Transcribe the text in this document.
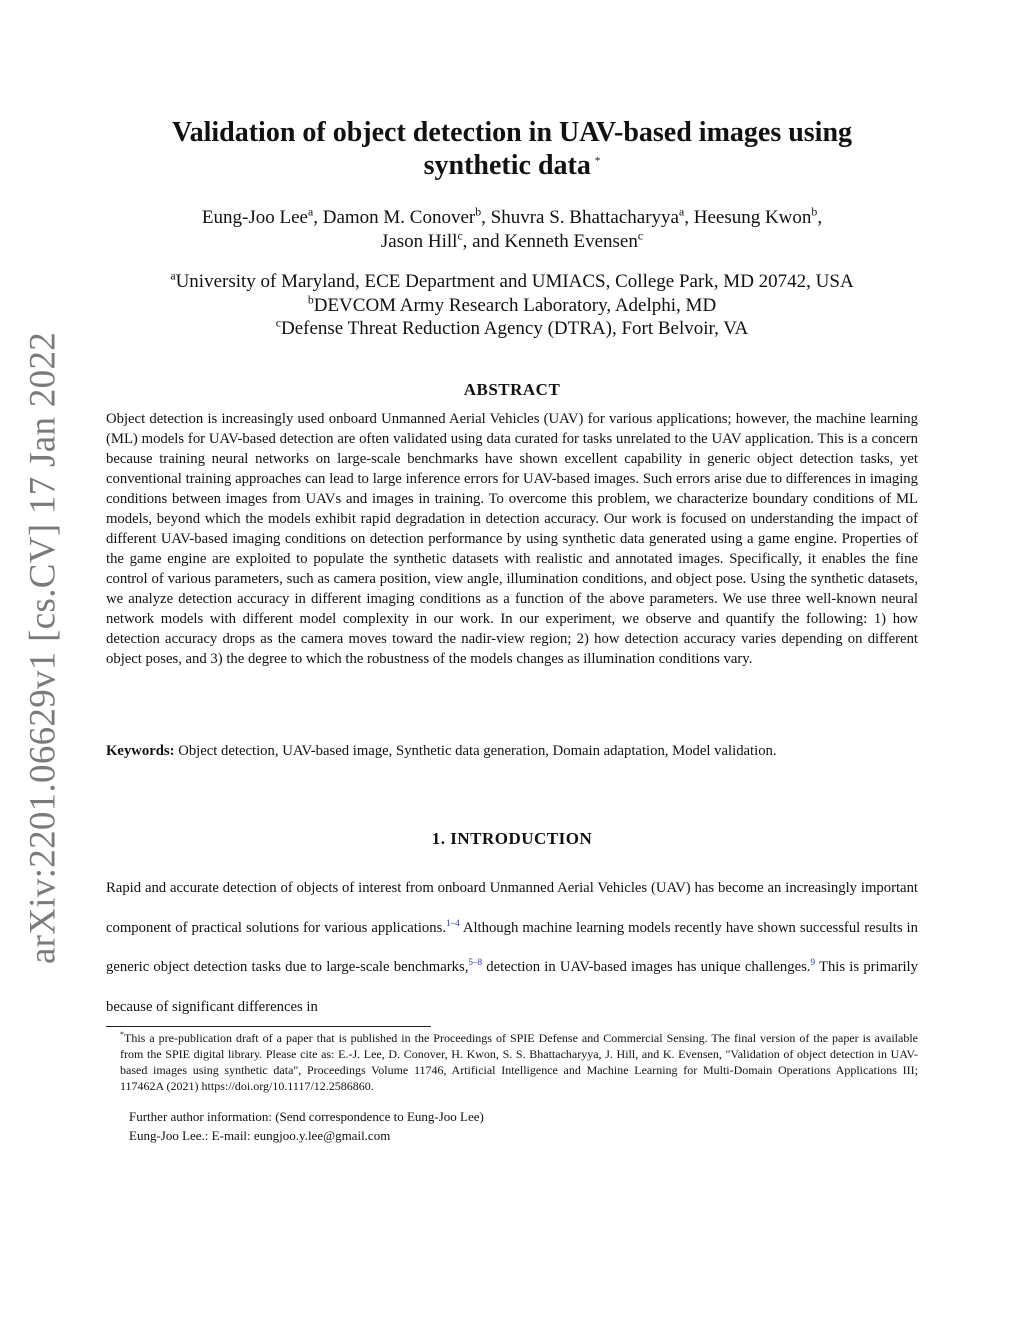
arXiv:2201.06629v1 [cs.CV] 17 Jan 2022
Validation of object detection in UAV-based images using
synthetic data *
Eung-Joo Lee$^a$, Damon M. Conover$^b$, Shuvra S. Bhattacharyya$^a$, Heesung Kwon$^b$,
Jason Hill$^c$, and Kenneth Evensen$^c$
$^a$University of Maryland, ECE Department and UMIACS, College Park, MD 20742, USA
$^b$DEVCOM Army Research Laboratory, Adelphi, MD
$^c$Defense Threat Reduction Agency (DTRA), Fort Belvoir, VA
ABSTRACT

Object detection is increasingly used onboard Unmanned Aerial Vehicles (UAV) for various applications; however, the machine learning (ML) models for UAV-based detection are often validated using data curated for tasks unrelated to the UAV application. This is a concern because training neural networks on large-scale benchmarks have shown excellent capability in generic object detection tasks, yet conventional training approaches can lead to large inference errors for UAV-based images. Such errors arise due to differences in imaging conditions between images from UAVs and images in training. To overcome this problem, we characterize boundary conditions of ML models, beyond which the models exhibit rapid degradation in detection accuracy. Our work is focused on understanding the impact of different UAV-based imaging conditions on detection performance by using synthetic data generated using a game engine. Properties of the game engine are exploited to populate the synthetic datasets with realistic and annotated images. Specifically, it enables the fine control of various parameters, such as camera position, view angle, illumination conditions, and object pose. Using the synthetic datasets, we analyze detection accuracy in different imaging conditions as a function of the above parameters. We use three well-known neural network models with different model complexity in our work. In our experiment, we observe and quantify the following: 1) how detection accuracy drops as the camera moves toward the nadir-view region; 2) how detection accuracy varies depending on different object poses, and 3) the degree to which the robustness of the models changes as illumination conditions vary.

Keywords: Object detection, UAV-based image, Synthetic data generation, Domain adaptation, Model validation.

1. INTRODUCTION

Rapid and accurate detection of objects of interest from onboard Unmanned Aerial Vehicles (UAV) has become an increasingly important component of practical solutions for various applications.$^{1-4}$ Although machine learning models recently have shown successful results in generic object detection tasks due to large-scale benchmarks,$^{5-8}$ detection in UAV-based images has unique challenges.$^9$ This is primarily because of significant differences in

*This a pre-publication draft of a paper that is published in the Proceedings of SPIE Defense and Commercial Sensing. The final version of the paper is available from the SPIE digital library. Please cite as: E.-J. Lee, D. Conover, H. Kwon, S. S. Bhattacharyya, J. Hill, and K. Evensen, "Validation of object detection in UAV-based images using synthetic data", Proceedings Volume 11746, Artificial Intelligence and Machine Learning for Multi-Domain Operations Applications III; 117462A (2021) https://doi.org/10.1117/12.2586860.

Further author information: (Send correspondence to Eung-Joo Lee)
Eung-Joo Lee.: E-mail: eungjoo.y.lee@gmail.com
